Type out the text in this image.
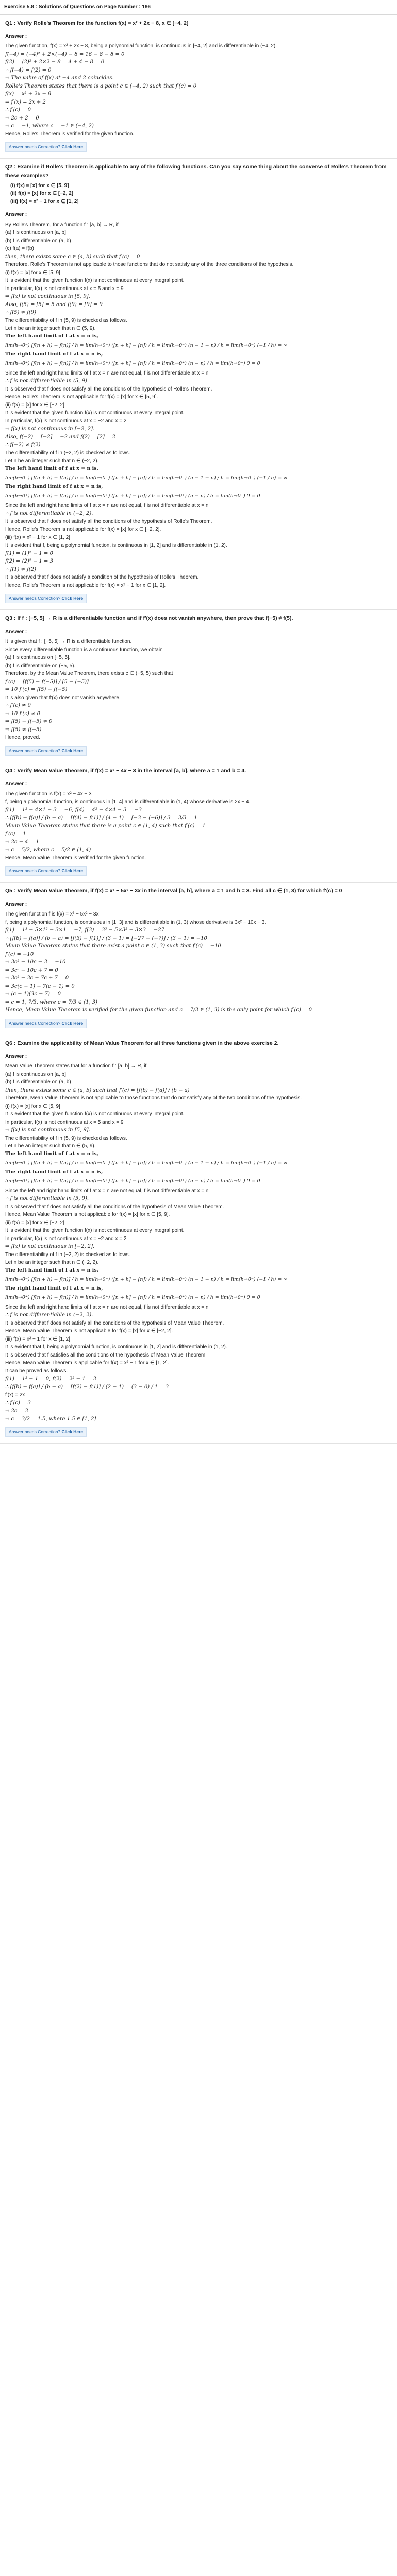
Exercise 5.8 : Solutions of Questions on Page Number : 186
Q1 : Verify Rolle's Theorem for the function f(x) = x² + 2x − 8, x ∈ [−4, 2]
Answer :
The given function, f(x) = x² + 2x − 8, being a polynomial function, is continuous in [−4, 2] and is differentiable in (−4, 2).
f(−4) = (−4)² + 2×(−4) − 8 = 16 − 8 − 8 = 0
f(2) = (2)² + 2×2 − 8 = 4 + 4 − 8 = 0
∴ f(−4) = f(2) = 0
⇒ The value of f(x) at −4 and 2 coincides.
Rolle's Theorem states that there is a point c ∈ (−4, 2) such that f′(c) = 0
f(x) = x² + 2x − 8
⇒ f′(x) = 2x + 2
∴ f′(c) = 0
⇒ 2c + 2 = 0
⇒ c = −1, where c = −1 ∈ (−4, 2)
Hence, Rolle's Theorem is verified for the given function.
Answer needs Correction? Click Here
Q2 : Examine if Rolle's Theorem is applicable to any of the following functions. Can you say some thing about the converse of Rolle's Theorem from these examples?
(i) f(x) = [x] for x ∈ [5, 9]
(ii) f(x) = [x] for x ∈ [−2, 2]
(iii) f(x) = x² − 1 for x ∈ [1, 2]
Answer :
By Rolle's Theorem, for a function f : [a, b] → R, if
(a) f is continuous on [a, b]
(b) f is differentiable on (a, b)
(c) f(a) = f(b)
then, there exists some c ∈ (a, b) such that f′(c) = 0
Therefore, Rolle's Theorem is not applicable to those functions that do not satisfy any of the three conditions of the hypothesis.
(i) f(x) = [x] for x ∈ [5, 9]
It is evident that the given function f(x) is not continuous at every integral point.
In particular, f(x) is not continuous at x = 5 and x = 9
⇒ f(x) is not continuous in [5, 9].
Also, f(5) = [5] = 5 and f(9) = [9] = 9
∴ f(5) ≠ f(9)
The differentiability of f in (5, 9) is checked as follows.
Let n be an integer such that n ∈ (5, 9).
The left hand limit of f at x = n is,
lim(h→0⁻) [f(n + h) − f(n)] / h = lim(h→0⁻) ([n + h] − [n]) / h = lim(h→0⁻) (n − 1 − n) / h = lim(h→0⁻) (−1 / h) = ∞
The right hand limit of f at x = n is,
lim(h→0⁺) [f(n + h) − f(n)] / h = lim(h→0⁺) ([n + h] − [n]) / h = lim(h→0⁺) (n − n) / h = lim(h→0⁺) 0 = 0
Since the left and right hand limits of f at x = n are not equal, f is not differentiable at x = n
∴ f is not differentiable in (5, 9).
It is observed that f does not satisfy all the conditions of the hypothesis of Rolle's Theorem.
Hence, Rolle's Theorem is not applicable for f(x) = [x] for x ∈ [5, 9].
(ii) f(x) = [x] for x ∈ [−2, 2]
It is evident that the given function f(x) is not continuous at every integral point.
In particular, f(x) is not continuous at x = −2 and x = 2
⇒ f(x) is not continuous in [−2, 2].
Also, f(−2) = [−2] = −2 and f(2) = [2] = 2
∴ f(−2) ≠ f(2)
The differentiability of f in (−2, 2) is checked as follows.
Let n be an integer such that n ∈ (−2, 2).
The left hand limit of f at x = n is,
lim(h→0⁻) [f(n + h) − f(n)] / h = lim(h→0⁻) ([n + h] − [n]) / h = lim(h→0⁻) (n − 1 − n) / h = lim(h→0⁻) (−1 / h) = ∞
The right hand limit of f at x = n is,
lim(h→0⁺) [f(n + h) − f(n)] / h = lim(h→0⁺) ([n + h] − [n]) / h = lim(h→0⁺) (n − n) / h = lim(h→0⁺) 0 = 0
Since the left and right hand limits of f at x = n are not equal, f is not differentiable at x = n
∴ f is not differentiable in (−2, 2).
It is observed that f does not satisfy all the conditions of the hypothesis of Rolle's Theorem.
Hence, Rolle's Theorem is not applicable for f(x) = [x] for x ∈ [−2, 2].
(iii) f(x) = x² − 1 for x ∈ [1, 2]
It is evident that f, being a polynomial function, is continuous in [1, 2] and is differentiable in (1, 2).
f(1) = (1)² − 1 = 0
f(2) = (2)² − 1 = 3
∴ f(1) ≠ f(2)
It is observed that f does not satisfy a condition of the hypothesis of Rolle's Theorem.
Hence, Rolle's Theorem is not applicable for f(x) = x² − 1 for x ∈ [1, 2].
Answer needs Correction? Click Here
Q3 : If f : [−5, 5] → R is a differentiable function and if f′(x) does not vanish anywhere, then prove that f(−5) ≠ f(5).
Answer :
It is given that f : [−5, 5] → R is a differentiable function.
Since every differentiable function is a continuous function, we obtain
(a) f is continuous on [−5, 5].
(b) f is differentiable on (−5, 5).
Therefore, by the Mean Value Theorem, there exists c ∈ (−5, 5) such that
f′(c) = [f(5) − f(−5)] / [5 − (−5)]
⇒ 10 f′(c) = f(5) − f(−5)
It is also given that f′(x) does not vanish anywhere.
∴ f′(c) ≠ 0
⇒ 10 f′(c) ≠ 0
⇒ f(5) − f(−5) ≠ 0
⇒ f(5) ≠ f(−5)
Hence, proved.
Answer needs Correction? Click Here
Q4 : Verify Mean Value Theorem, if f(x) = x² − 4x − 3 in the interval [a, b], where a = 1 and b = 4.
Answer :
The given function is f(x) = x² − 4x − 3
f, being a polynomial function, is continuous in [1, 4] and is differentiable in (1, 4) whose derivative is 2x − 4.
f(1) = 1² − 4×1 − 3 = −6, f(4) = 4² − 4×4 − 3 = −3
∴ [f(b) − f(a)] / (b − a) = [f(4) − f(1)] / (4 − 1) = [−3 − (−6)] / 3 = 3/3 = 1
Mean Value Theorem states that there is a point c ∈ (1, 4) such that f′(c) = 1
f′(c) = 1
⇒ 2c − 4 = 1
⇒ c = 5/2, where c = 5/2 ∈ (1, 4)
Hence, Mean Value Theorem is verified for the given function.
Answer needs Correction? Click Here
Q5 : Verify Mean Value Theorem, if f(x) = x³ − 5x² − 3x in the interval [a, b], where a = 1 and b = 3. Find all c ∈ (1, 3) for which f′(c) = 0
Answer :
The given function f is f(x) = x³ − 5x² − 3x
f, being a polynomial function, is continuous in [1, 3] and is differentiable in (1, 3) whose derivative is 3x² − 10x − 3.
f(1) = 1³ − 5×1² − 3×1 = −7, f(3) = 3³ − 5×3² − 3×3 = −27
∴ [f(b) − f(a)] / (b − a) = [f(3) − f(1)] / (3 − 1) = [−27 − (−7)] / (3 − 1) = −10
Mean Value Theorem states that there exist a point c ∈ (1, 3) such that f′(c) = −10
f′(c) = −10
⇒ 3c² − 10c − 3 = −10
⇒ 3c² − 10c + 7 = 0
⇒ 3c² − 3c − 7c + 7 = 0
⇒ 3c(c − 1) − 7(c − 1) = 0
⇒ (c − 1)(3c − 7) = 0
⇒ c = 1, 7/3, where c = 7/3 ∈ (1, 3)
Hence, Mean Value Theorem is verified for the given function and c = 7/3 ∈ (1, 3) is the only point for which f′(c) = 0
Answer needs Correction? Click Here
Q6 : Examine the applicability of Mean Value Theorem for all three functions given in the above exercise 2.
Answer :
Mean Value Theorem states that for a function f : [a, b] → R, if
(a) f is continuous on [a, b]
(b) f is differentiable on (a, b)
then, there exists some c ∈ (a, b) such that f′(c) = [f(b) − f(a)] / (b − a)
Therefore, Mean Value Theorem is not applicable to those functions that do not satisfy any of the two conditions of the hypothesis.
(i) f(x) = [x] for x ∈ [5, 9]
It is evident that the given function f(x) is not continuous at every integral point.
In particular, f(x) is not continuous at x = 5 and x = 9
⇒ f(x) is not continuous in [5, 9].
The differentiability of f in (5, 9) is checked as follows.
Let n be an integer such that n ∈ (5, 9).
The left hand limit of f at x = n is,
lim(h→0⁻) [f(n + h) − f(n)] / h = lim(h→0⁻) ([n + h] − [n]) / h = lim(h→0⁻) (n − 1 − n) / h = lim(h→0⁻) (−1 / h) = ∞
The right hand limit of f at x = n is,
lim(h→0⁺) [f(n + h) − f(n)] / h = lim(h→0⁺) ([n + h] − [n]) / h = lim(h→0⁺) (n − n) / h = lim(h→0⁺) 0 = 0
Since the left and right hand limits of f at x = n are not equal, f is not differentiable at x = n
∴ f is not differentiable in (5, 9).
It is observed that f does not satisfy all the conditions of the hypothesis of Mean Value Theorem.
Hence, Mean Value Theorem is not applicable for f(x) = [x] for x ∈ [5, 9].
(ii) f(x) = [x] for x ∈ [−2, 2]
It is evident that the given function f(x) is not continuous at every integral point.
In particular, f(x) is not continuous at x = −2 and x = 2
⇒ f(x) is not continuous in [−2, 2].
The differentiability of f in (−2, 2) is checked as follows.
Let n be an integer such that n ∈ (−2, 2).
The left hand limit of f at x = n is,
lim(h→0⁻) [f(n + h) − f(n)] / h = lim(h→0⁻) ([n + h] − [n]) / h = lim(h→0⁻) (n − 1 − n) / h = lim(h→0⁻) (−1 / h) = ∞
The right hand limit of f at x = n is,
lim(h→0⁺) [f(n + h) − f(n)] / h = lim(h→0⁺) ([n + h] − [n]) / h = lim(h→0⁺) (n − n) / h = lim(h→0⁺) 0 = 0
Since the left and right hand limits of f at x = n are not equal, f is not differentiable at x = n
∴ f is not differentiable in (−2, 2).
It is observed that f does not satisfy all the conditions of the hypothesis of Mean Value Theorem.
Hence, Mean Value Theorem is not applicable for f(x) = [x] for x ∈ [−2, 2].
(iii) f(x) = x² − 1 for x ∈ [1, 2]
It is evident that f, being a polynomial function, is continuous in [1, 2] and is differentiable in (1, 2).
It is observed that f satisfies all the conditions of the hypothesis of Mean Value Theorem.
Hence, Mean Value Theorem is applicable for f(x) = x² − 1 for x ∈ [1, 2].
It can be proved as follows.
f(1) = 1² − 1 = 0, f(2) = 2² − 1 = 3
∴ [f(b) − f(a)] / (b − a) = [f(2) − f(1)] / (2 − 1) = (3 − 0) / 1 = 3
f′(x) = 2x
∴ f′(c) = 3
⇒ 2c = 3
⇒ c = 3/2 = 1.5, where 1.5 ∈ [1, 2]
Answer needs Correction? Click Here
